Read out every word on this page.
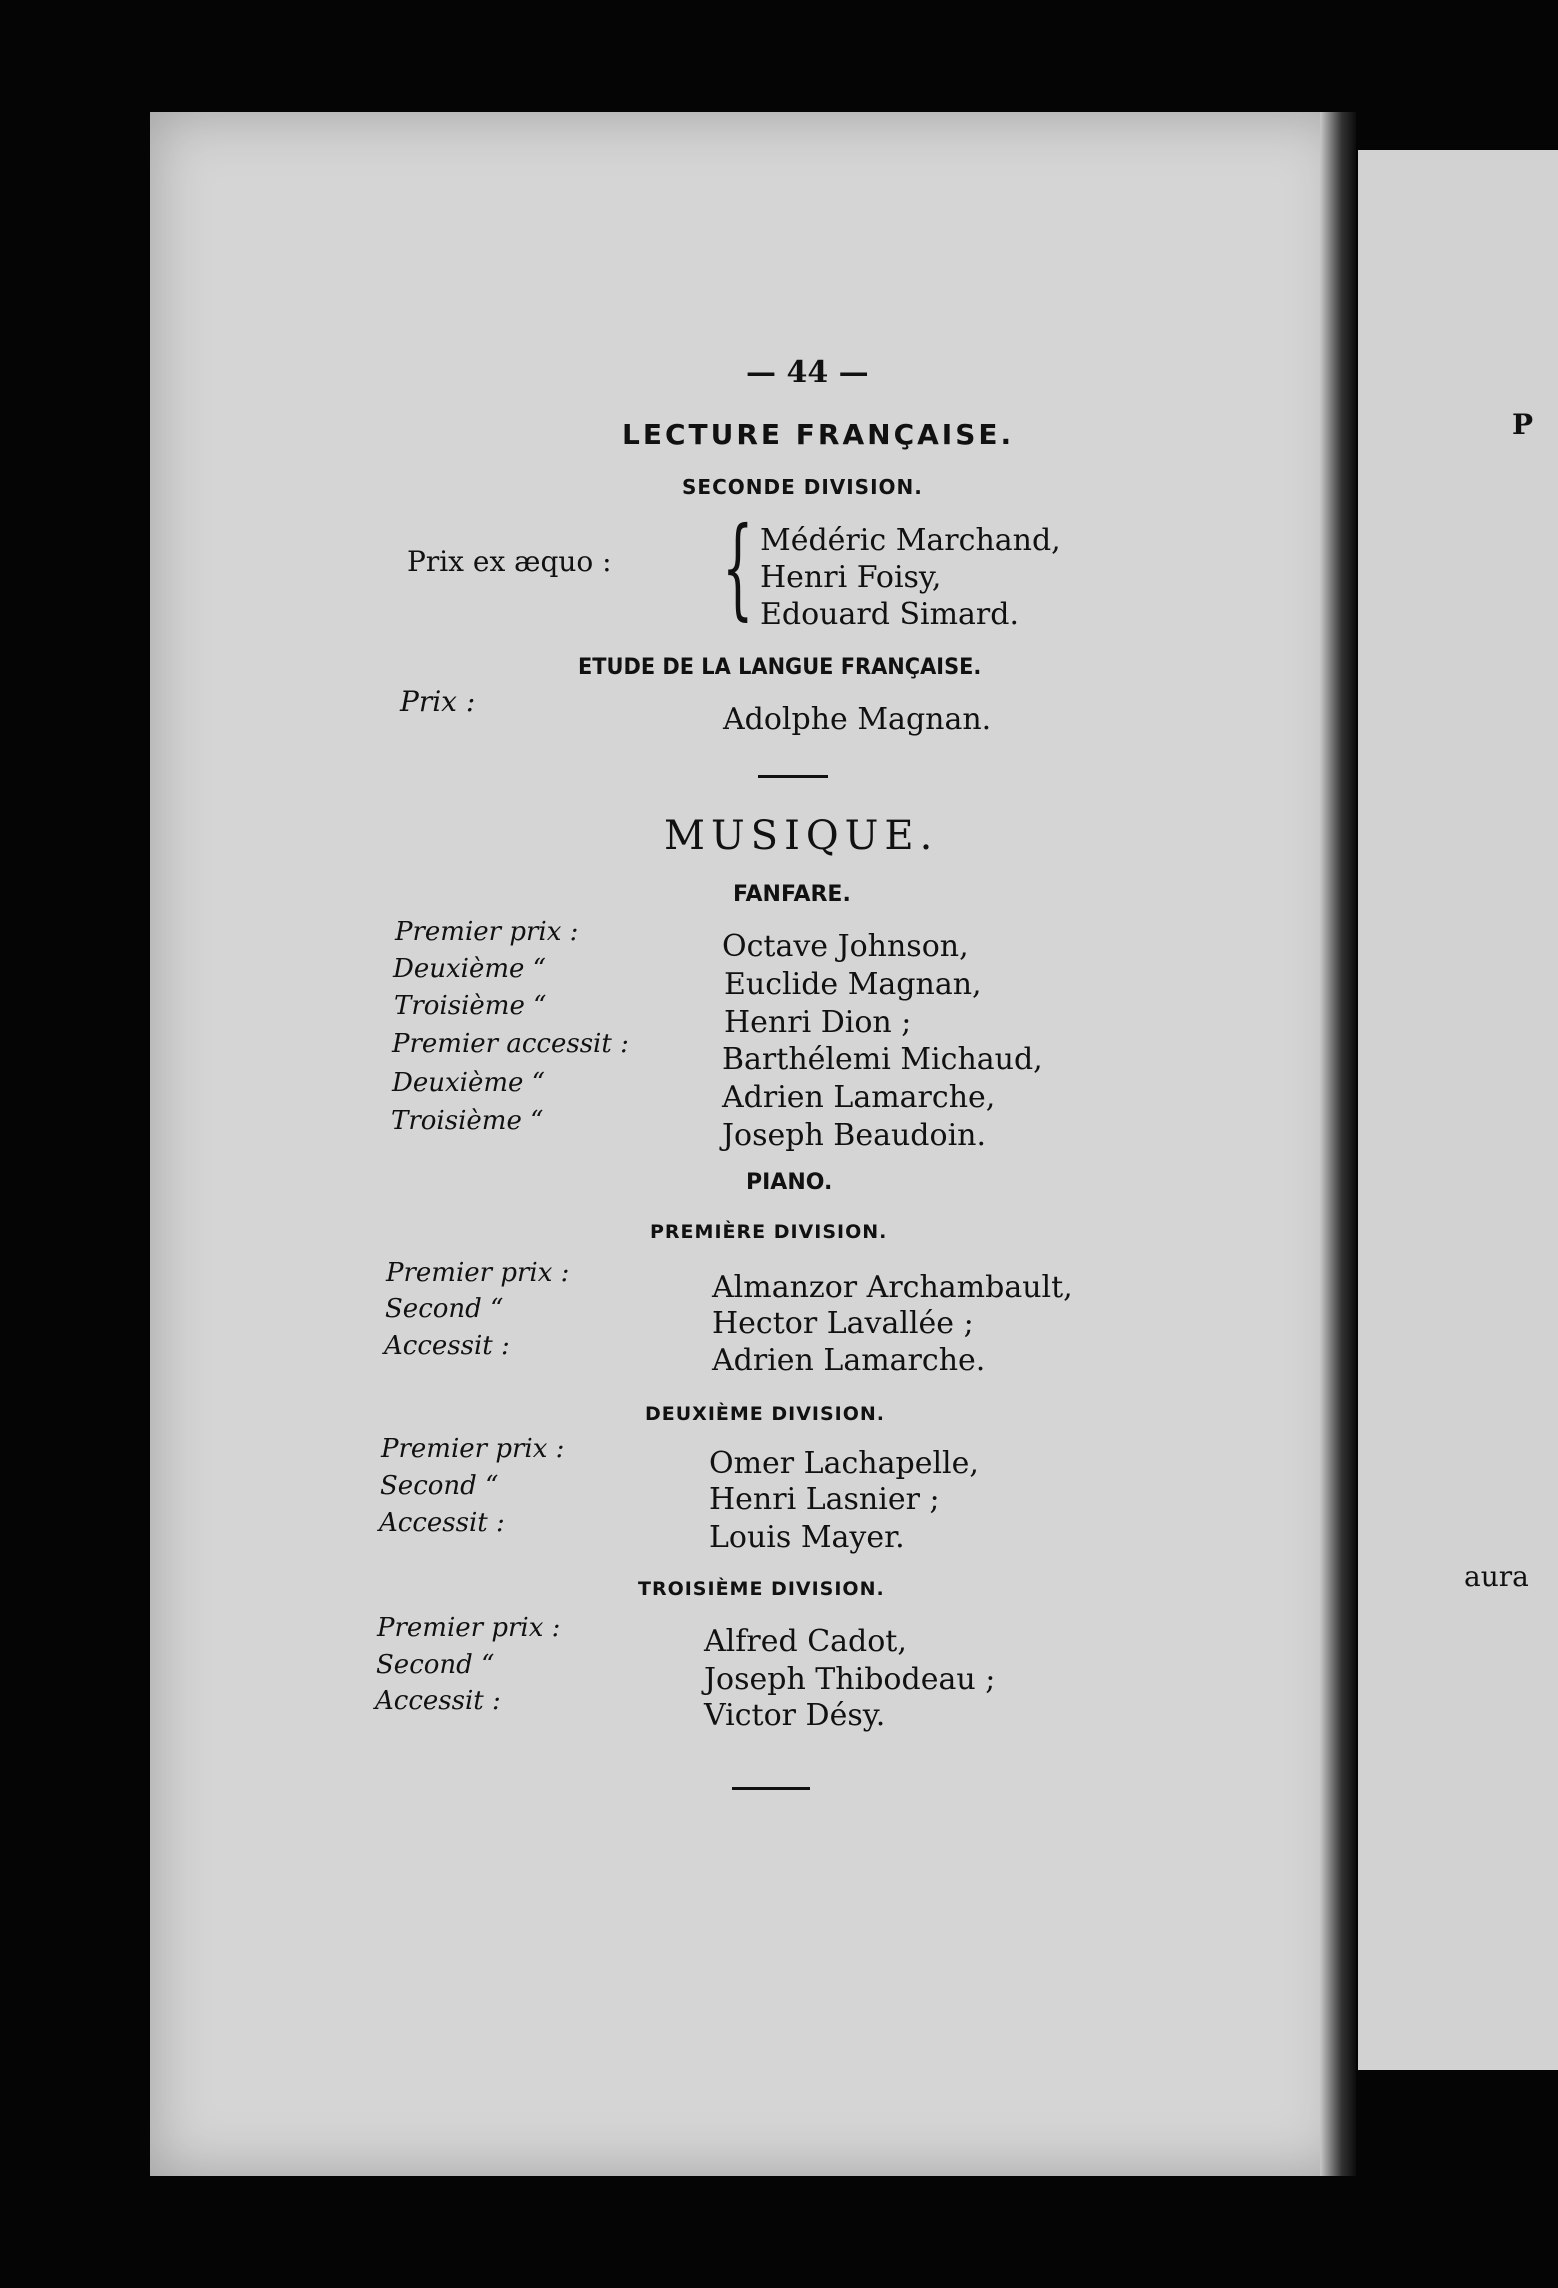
— 44 —
LECTURE FRANÇAISE.
SECONDE DIVISION.
Prix ex æquo : { Médéric Marchand,
Henri Foisy,
Edouard Simard.
ETUDE DE LA LANGUE FRANÇAISE.
Prix :
Adolphe Magnan.
MUSIQUE.
FANFARE.
Premier prix :
Deuxième “
Troisième “
Premier accessit :
Deuxième “
Troisième “
Octave Johnson,
Euclide Magnan,
Henri Dion ;
Barthélemi Michaud,
Adrien Lamarche,
Joseph Beaudoin.
PIANO.
PREMIÈRE DIVISION.
Premier prix :
Second “
Accessit :
Almanzor Archambault,
Hector Lavallée ;
Adrien Lamarche.
DEUXIÈME DIVISION.
Premier prix :
Second “
Accessit :
Omer Lachapelle,
Henri Lasnier ;
Louis Mayer.
TROISIÈME DIVISION.
Premier prix :
Second “
Accessit :
Alfred Cadot,
Joseph Thibodeau ;
Victor Désy.
P
aura
